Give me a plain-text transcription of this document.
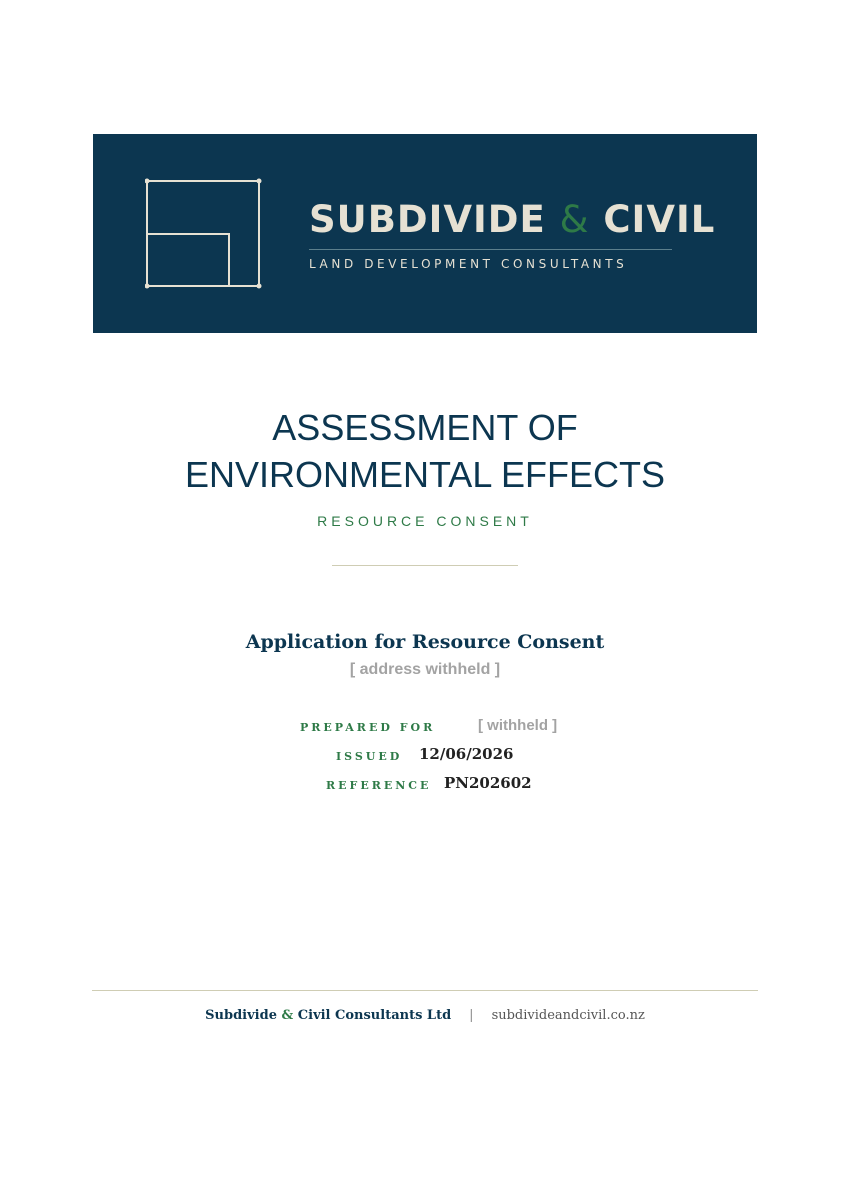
SUBDIVIDE & CIVIL
LAND DEVELOPMENT CONSULTANTS
ASSESSMENT OF
ENVIRONMENTAL EFFECTS
RESOURCE CONSENT
Application for Resource Consent
[ address withheld ]
PREPARED FOR	[ withheld ]
ISSUED 12/06/2026
REFERENCE PN202602
Subdivide & Civil Consultants Ltd | subdivideandcivil.co.nz
